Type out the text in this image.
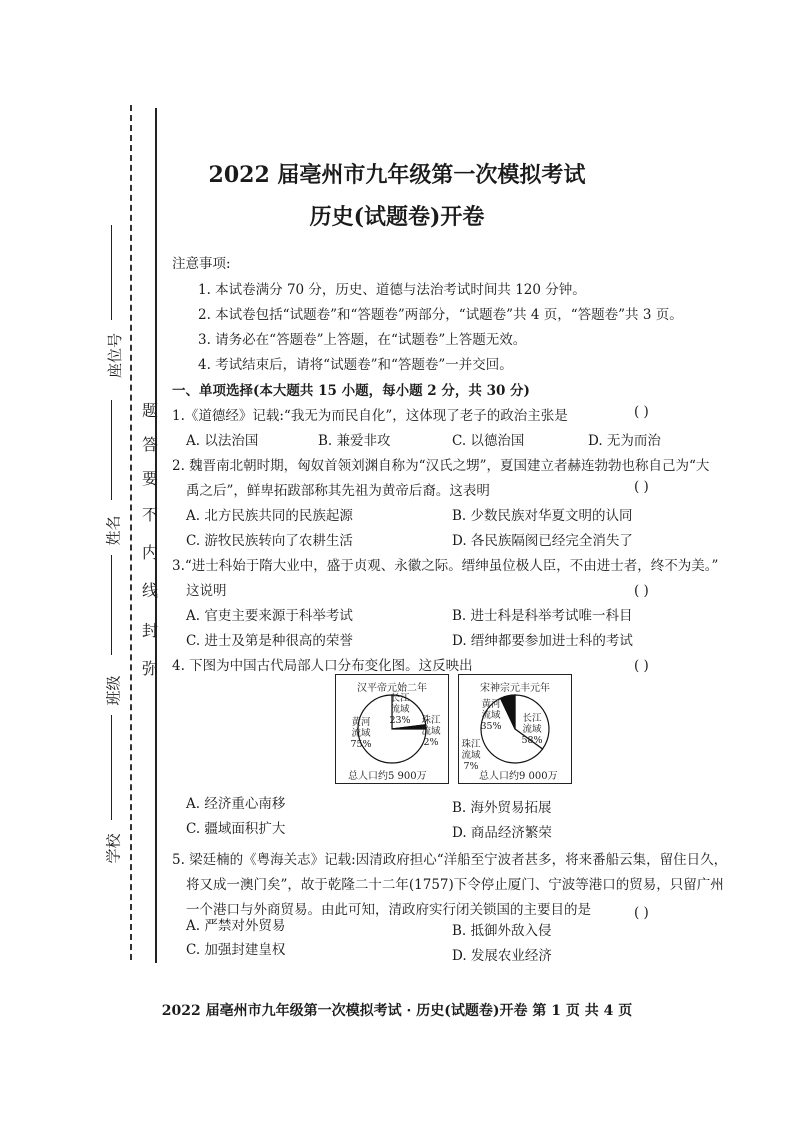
座位号
姓名
班级
学校
题
答
要
不
内
线
封
弥
2022 届亳州市九年级第一次模拟考试
历史(试题卷)开卷
注意事项:
1. 本试卷满分 70 分，历史、道德与法治考试时间共 120 分钟。
2. 本试卷包括“试题卷”和“答题卷”两部分，“试题卷”共 4 页，“答题卷”共 3 页。
3. 请务必在“答题卷”上答题，在“试题卷”上答题无效。
4. 考试结束后，请将“试题卷”和“答题卷”一并交回。
一、单项选择(本大题共 15 小题，每小题 2 分，共 30 分)
1.《道德经》记载:“我无为而民自化”，这体现了老子的政治主张是	( )
A. 以法治国	B. 兼爱非攻	C. 以德治国	D. 无为而治
2. 魏晋南北朝时期，匈奴首领刘渊自称为“汉氏之甥”，夏国建立者赫连勃勃也称自己为“大
禹之后”，鲜卑拓跋部称其先祖为黄帝后裔。这表明	( )
A. 北方民族共同的民族起源	B. 少数民族对华夏文明的认同
C. 游牧民族转向了农耕生活	D. 各民族隔阂已经完全消失了
3.“进士科始于隋大业中，盛于贞观、永徽之际。缙绅虽位极人臣，不由进士者，终不为美。”
这说明	( )
A. 官吏主要来源于科举考试	B. 进士科是科举考试唯一科目
C. 进士及第是种很高的荣誉	D. 缙绅都要参加进士科的考试
4. 下图为中国古代局部人口分布变化图。这反映出	( )
汉平帝元始二年
黄河流域
75%
长江流域
23%	珠江流域
2%
总人口约5 900万
宋神宗元丰元年
黄河流域
35%
长江流域
58%
珠江流域
7%
总人口约9 000万
A. 经济重心南移	B. 海外贸易拓展
C. 疆域面积扩大	D. 商品经济繁荣
5. 梁廷楠的《粤海关志》记载:因清政府担心“洋船至宁波者甚多，将来番船云集，留住日久，
将又成一澳门矣”，故于乾隆二十二年(1757)下令停止厦门、宁波等港口的贸易，只留广州
一个港口与外商贸易。由此可知，清政府实行闭关锁国的主要目的是	( )
A. 严禁对外贸易	B. 抵御外敌入侵
C. 加强封建皇权	D. 发展农业经济
2022 届亳州市九年级第一次模拟考试 · 历史(试题卷)开卷 第 1 页 共 4 页
